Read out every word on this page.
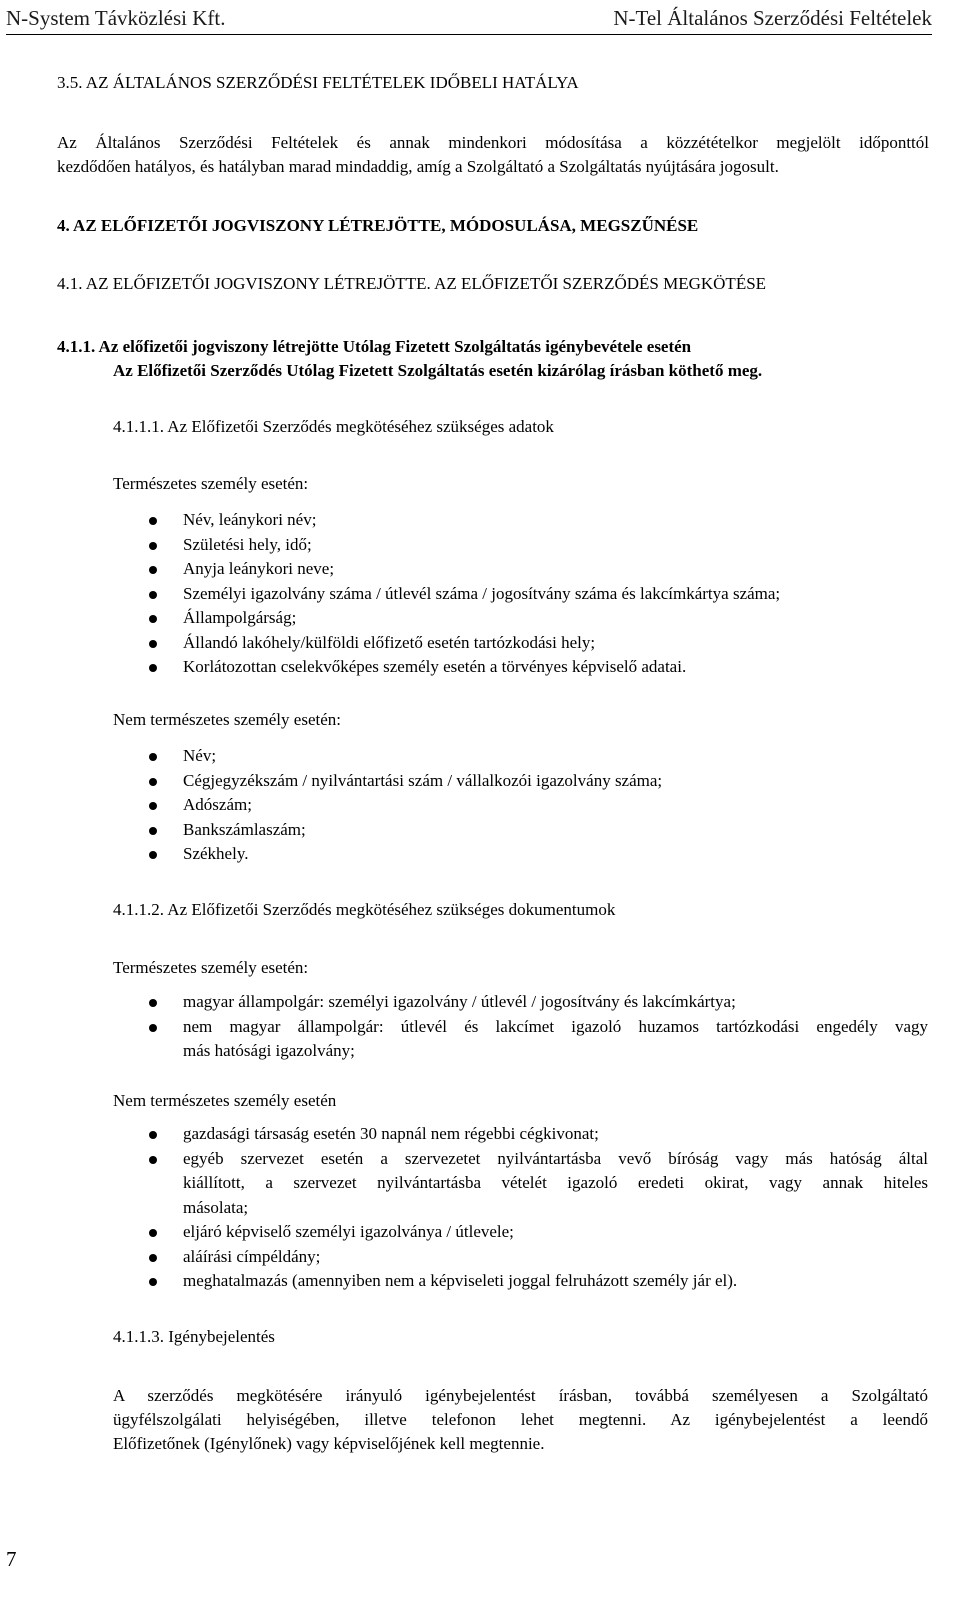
N-System Távközlési Kft.	N-Tel Általános Szerződési Feltételek
3.5. AZ ÁLTALÁNOS SZERZŐDÉSI FELTÉTELEK IDŐBELI HATÁLYA
Az Általános Szerződési Feltételek és annak mindenkori módosítása a közzétételkor megjelölt időponttól
kezdődően hatályos, és hatályban marad mindaddig, amíg a Szolgáltató a Szolgáltatás nyújtására jogosult.
4. AZ ELŐFIZETŐI JOGVISZONY LÉTREJÖTTE, MÓDOSULÁSA, MEGSZŰNÉSE
4.1. AZ ELŐFIZETŐI JOGVISZONY LÉTREJÖTTE. AZ ELŐFIZETŐI SZERZŐDÉS MEGKÖTÉSE
4.1.1. Az előfizetői jogviszony létrejötte Utólag Fizetett Szolgáltatás igénybevétele esetén
Az Előfizetői Szerződés Utólag Fizetett Szolgáltatás esetén kizárólag írásban köthető meg.
4.1.1.1. Az Előfizetői Szerződés megkötéséhez szükséges adatok
Természetes személy esetén:
Név, leánykori név;
Születési hely, idő;
Anyja leánykori neve;
Személyi igazolvány száma / útlevél száma / jogosítvány száma és lakcímkártya száma;
Állampolgárság;
Állandó lakóhely/külföldi előfizető esetén tartózkodási hely;
Korlátozottan cselekvőképes személy esetén a törvényes képviselő adatai.
Nem természetes személy esetén:
Név;
Cégjegyzékszám / nyilvántartási szám / vállalkozói igazolvány száma;
Adószám;
Bankszámlaszám;
Székhely.
4.1.1.2. Az Előfizetői Szerződés megkötéséhez szükséges dokumentumok
Természetes személy esetén:
magyar állampolgár: személyi igazolvány / útlevél / jogosítvány és lakcímkártya;
nem magyar állampolgár: útlevél és lakcímet igazoló huzamos tartózkodási engedély vagy
más hatósági igazolvány;
Nem természetes személy esetén
gazdasági társaság esetén 30 napnál nem régebbi cégkivonat;
egyéb szervezet esetén a szervezetet nyilvántartásba vevő bíróság vagy más hatóság által
kiállított, a szervezet nyilvántartásba vételét igazoló eredeti okirat, vagy annak hiteles
másolata;
eljáró képviselő személyi igazolványa / útlevele;
aláírási címpéldány;
meghatalmazás (amennyiben nem a képviseleti joggal felruházott személy jár el).
4.1.1.3. Igénybejelentés
A szerződés megkötésére irányuló igénybejelentést írásban, továbbá személyesen a Szolgáltató
ügyfélszolgálati helyiségében, illetve telefonon lehet megtenni. Az igénybejelentést a leendő
Előfizetőnek (Igénylőnek) vagy képviselőjének kell megtennie.
7
